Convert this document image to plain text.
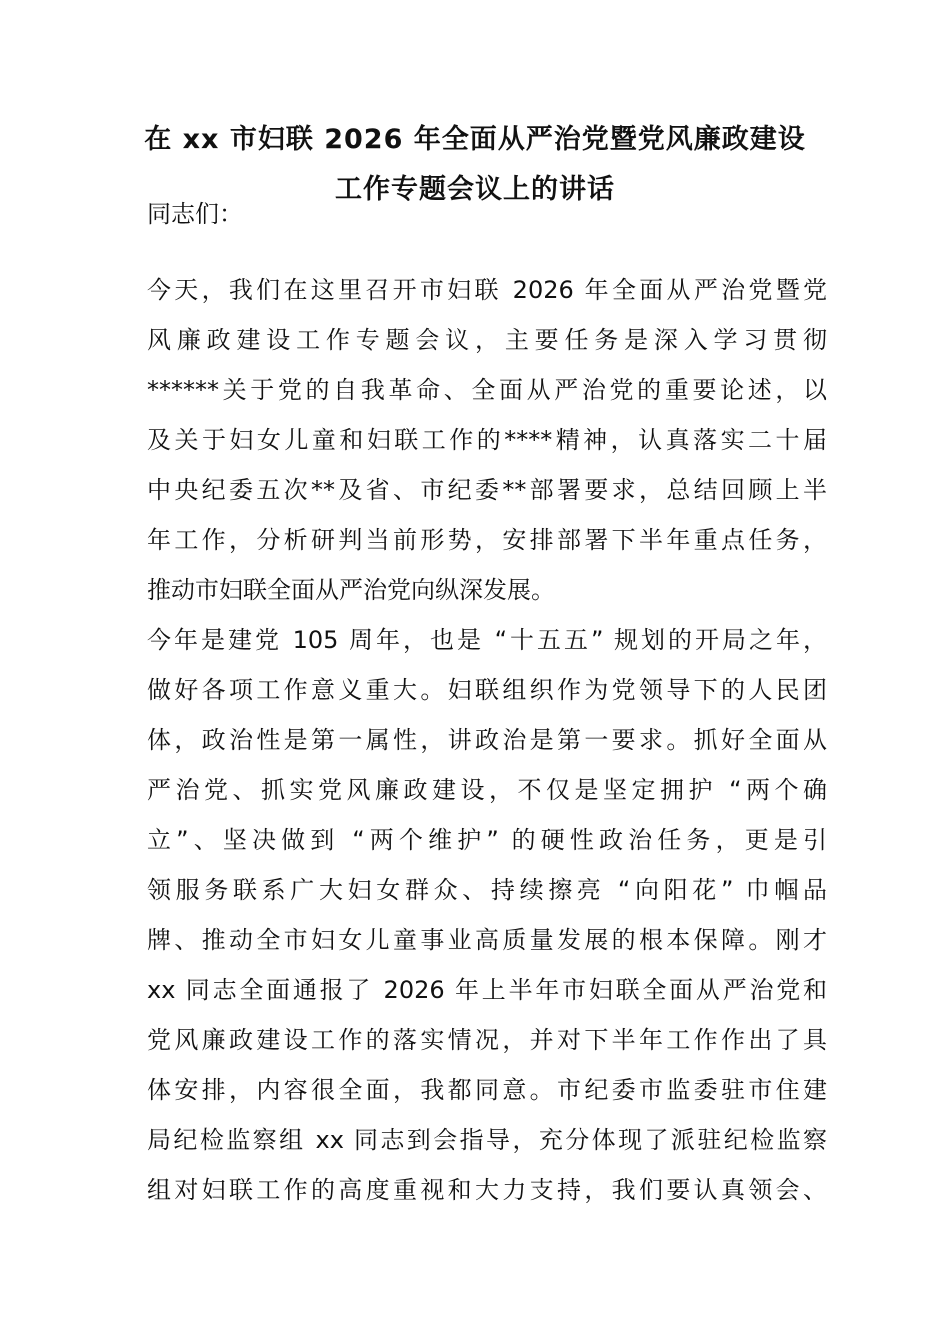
在 xx 市妇联 2026 年全面从严治党暨党风廉政建设
工作专题会议上的讲话
同志们：
今天，我们在这里召开市妇联 2026 年全面从严治党暨党
风廉政建设工作专题会议，主要任务是深入学习贯彻
******关于党的自我革命、全面从严治党的重要论述，以
及关于妇女儿童和妇联工作的****精神，认真落实二十届
中央纪委五次**及省、市纪委**部署要求，总结回顾上半
年工作，分析研判当前形势，安排部署下半年重点任务，
推动市妇联全面从严治党向纵深发展。
今年是建党 105 周年，也是 “十五五” 规划的开局之年，
做好各项工作意义重大。妇联组织作为党领导下的人民团
体，政治性是第一属性，讲政治是第一要求。抓好全面从
严治党、抓实党风廉政建设，不仅是坚定拥护 “两个确
立”、坚决做到 “两个维护” 的硬性政治任务，更是引
领服务联系广大妇女群众、持续擦亮 “向阳花” 巾帼品
牌、推动全市妇女儿童事业高质量发展的根本保障。刚才
xx 同志全面通报了 2026 年上半年市妇联全面从严治党和
党风廉政建设工作的落实情况，并对下半年工作作出了具
体安排，内容很全面，我都同意。市纪委市监委驻市住建
局纪检监察组 xx 同志到会指导，充分体现了派驻纪检监察
组对妇联工作的高度重视和大力支持，我们要认真领会、
